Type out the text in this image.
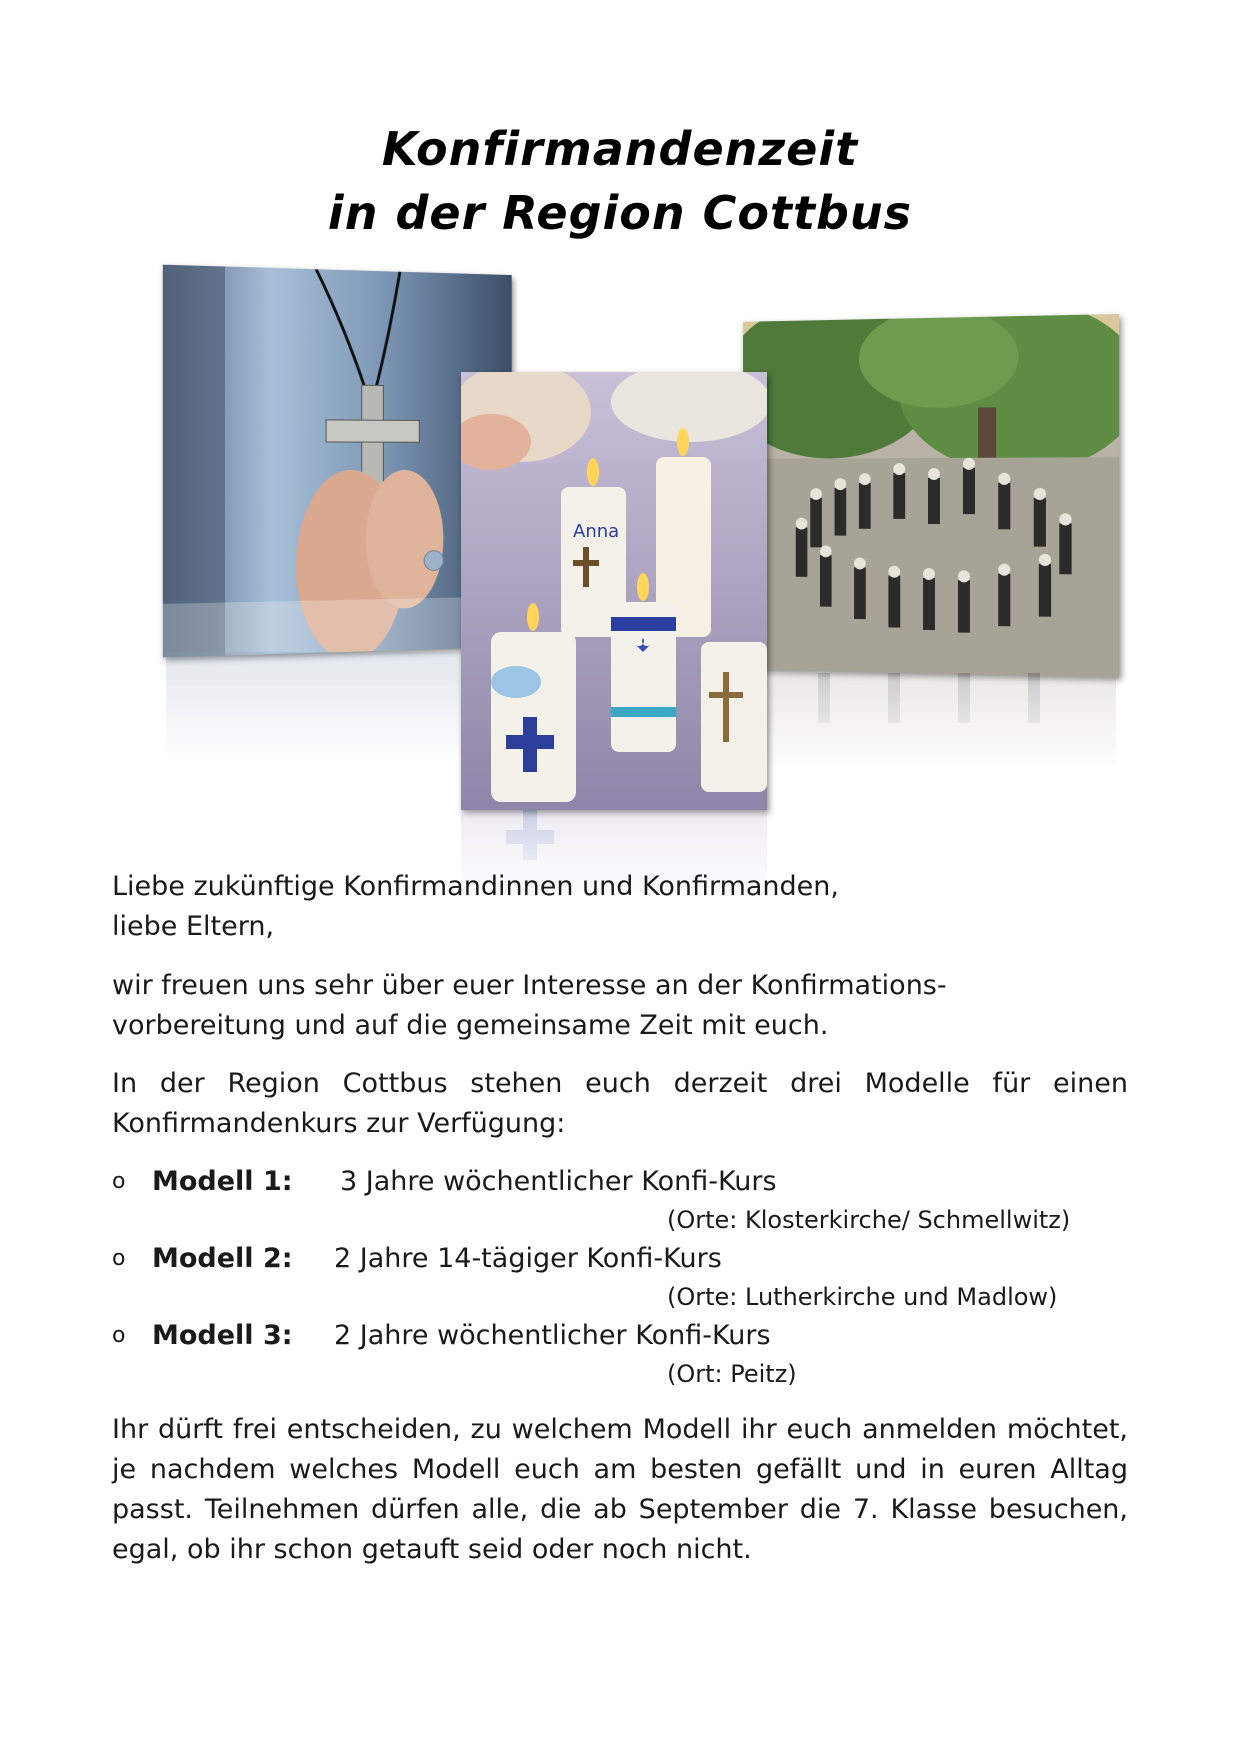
Konfirmandenzeit
in der Region Cottbus
Anna
Liebe zukünftige Konfirmandinnen und Konfirmanden,
liebe Eltern,
wir freuen uns sehr über euer Interesse an der Konfirmations-
vorbereitung und auf die gemeinsame Zeit mit euch.
In der Region Cottbus stehen euch derzeit drei Modelle für einen Konfirmandenkurs zur Verfügung:
o Modell 1: 3 Jahre wöchentlicher Konfi-Kurs
(Orte: Klosterkirche/ Schmellwitz)
o Modell 2: 2 Jahre 14-tägiger Konfi-Kurs
(Orte: Lutherkirche und Madlow)
o Modell 3: 2 Jahre wöchentlicher Konfi-Kurs
(Ort: Peitz)
Ihr dürft frei entscheiden, zu welchem Modell ihr euch anmelden möchtet, je nachdem welches Modell euch am besten gefällt und in euren Alltag passt. Teilnehmen dürfen alle, die ab September die 7. Klasse besuchen, egal, ob ihr schon getauft seid oder noch nicht.
